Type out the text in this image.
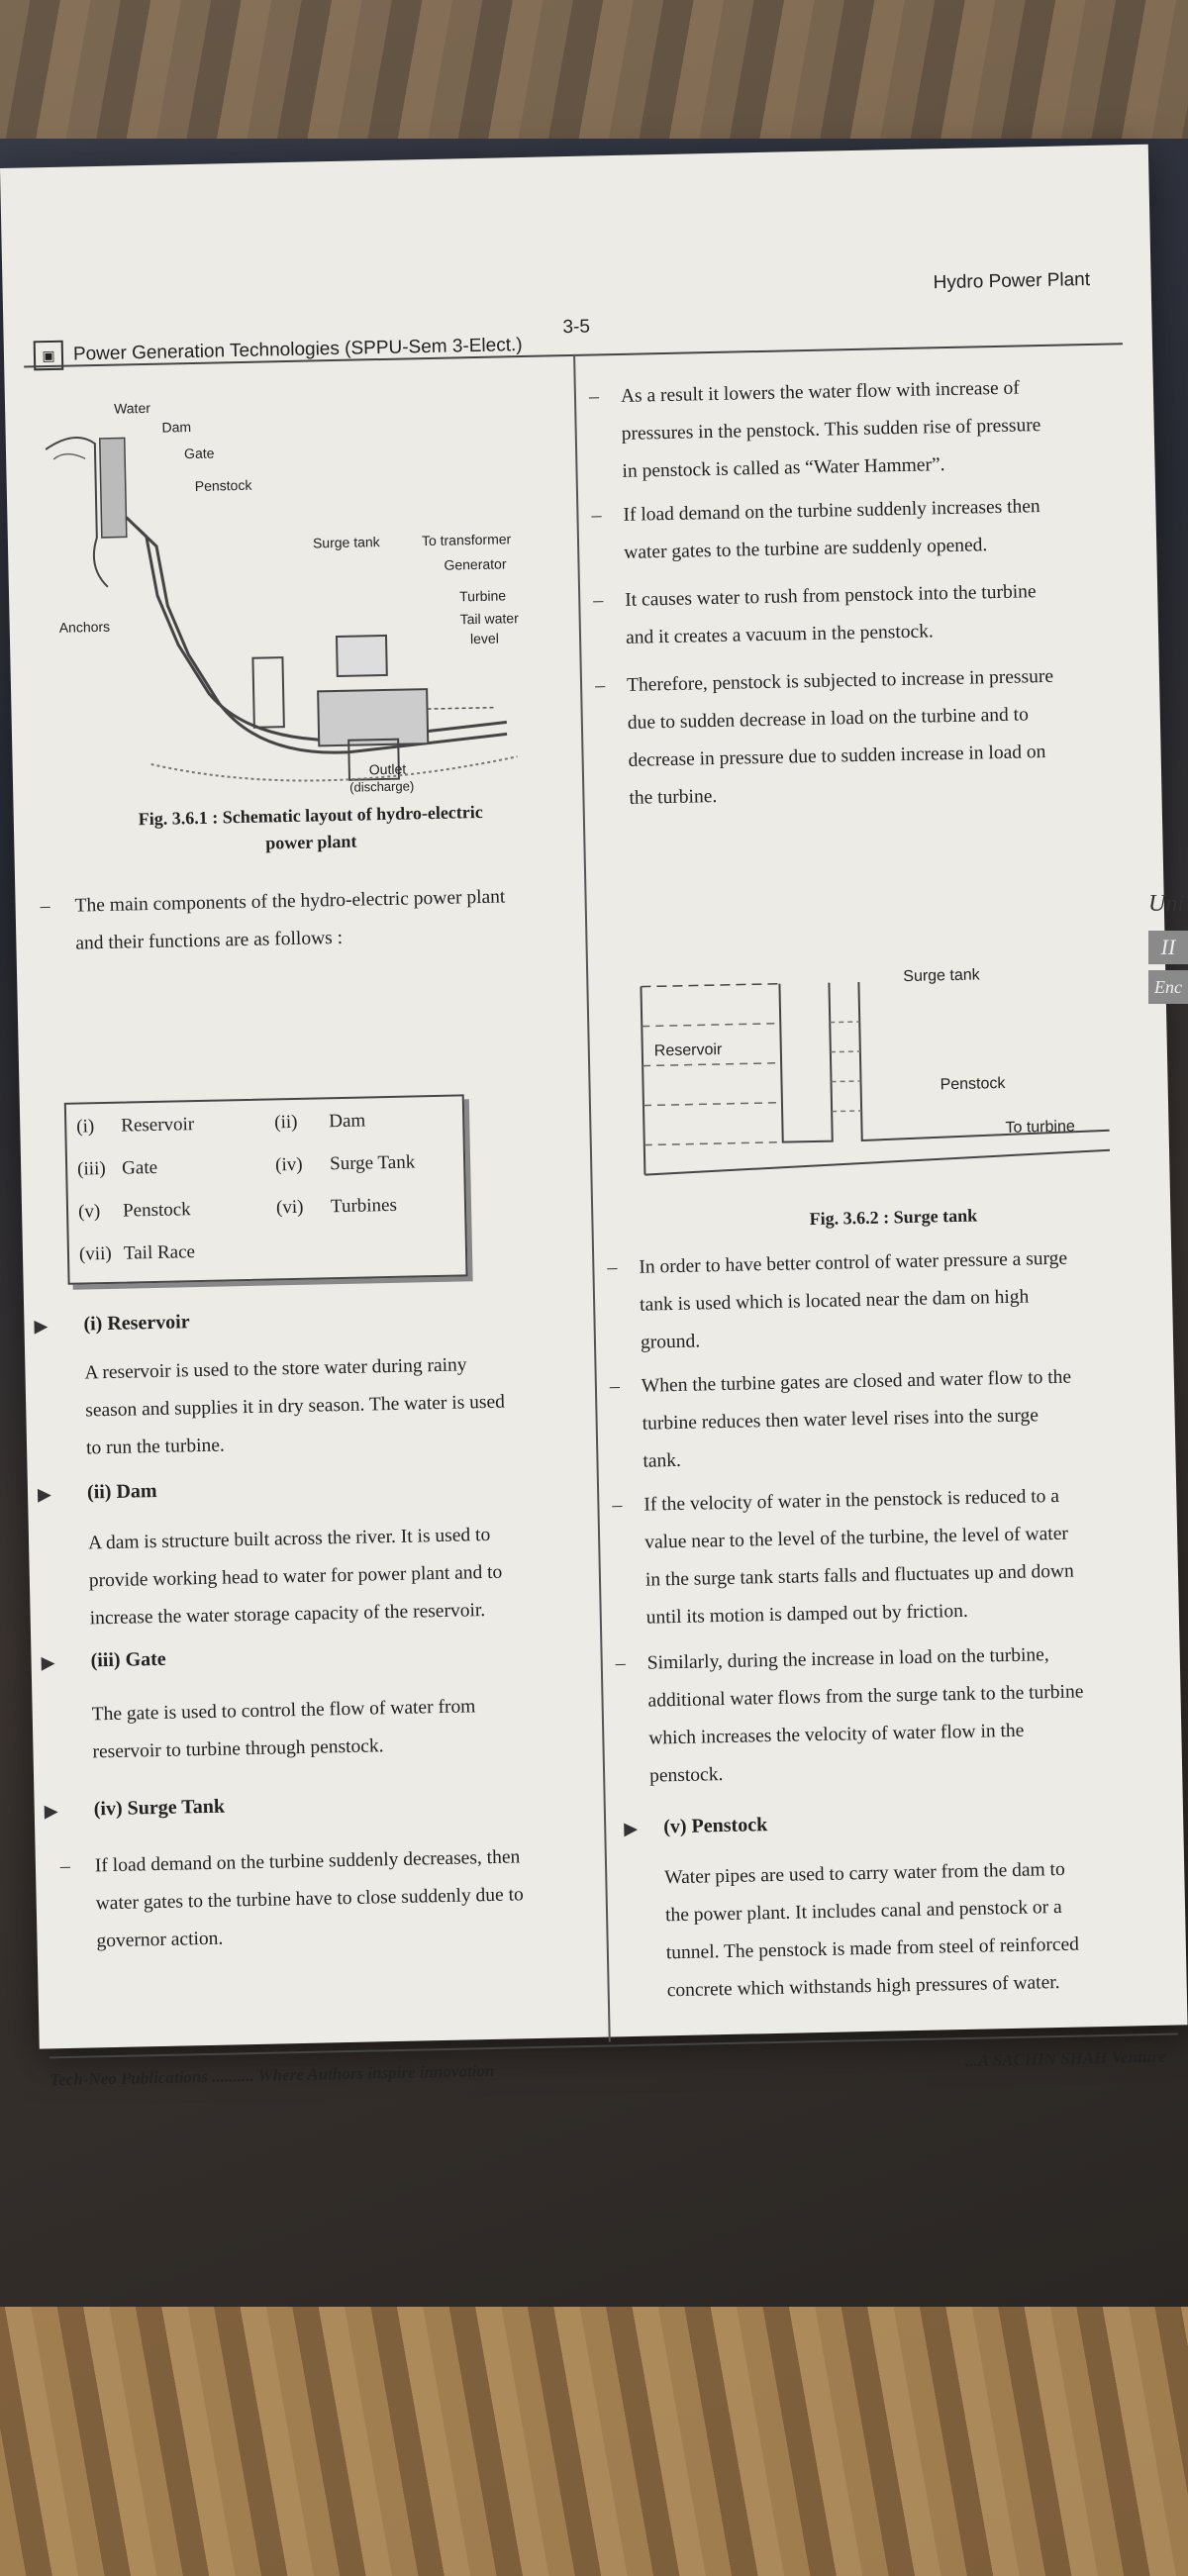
▣ Power Generation Technologies (SPPU-Sem 3-Elect.)
3-5
Hydro Power Plant
Water
Dam
Gate
Penstock
Surge tank	To transformer
Generator
Turbine
Tail water
level
Anchors
Outlet
(discharge)
Fig. 3.6.1 : Schematic layout of hydro-electric
power plant
– The main components of the hydro-electric power plant
and their functions are as follows :
(i) Reservoir	(ii) Dam
(iii) Gate	(iv) Surge Tank
(v) Penstock	(vi) Turbines
(vii) Tail Race
▶ (i) Reservoir
A reservoir is used to the store water during rainy
season and supplies it in dry season. The water is used
to run the turbine.
▶ (ii) Dam
A dam is structure built across the river. It is used to
provide working head to water for power plant and to
increase the water storage capacity of the reservoir.
▶ (iii) Gate
The gate is used to control the flow of water from
reservoir to turbine through penstock.
▶ (iv) Surge Tank
– If load demand on the turbine suddenly decreases, then
water gates to the turbine have to close suddenly due to
governor action.
– As a result it lowers the water flow with increase of
pressures in the penstock. This sudden rise of pressure
in penstock is called as “Water Hammer”.
– If load demand on the turbine suddenly increases then
water gates to the turbine are suddenly opened.
– It causes water to rush from penstock into the turbine
and it creates a vacuum in the penstock.
– Therefore, penstock is subjected to increase in pressure
due to sudden decrease in load on the turbine and to
decrease in pressure due to sudden increase in load on
the turbine.
Surge tank
Reservoir
Penstock
To turbine
Fig. 3.6.2 : Surge tank
– In order to have better control of water pressure a surge
tank is used which is located near the dam on high
ground.
– When the turbine gates are closed and water flow to the
turbine reduces then water level rises into the surge
tank.
– If the velocity of water in the penstock is reduced to a
value near to the level of the turbine, the level of water
in the surge tank starts falls and fluctuates up and down
until its motion is damped out by friction.
– Similarly, during the increase in load on the turbine,
additional water flows from the surge tank to the turbine
which increases the velocity of water flow in the
penstock.
▶ (v) Penstock
Water pipes are used to carry water from the dam to
the power plant. It includes canal and penstock or a
tunnel. The penstock is made from steel of reinforced
concrete which withstands high pressures of water.
Tech-Neo Publications .......... Where Authors inspire innovation
...A SACHIN SHAH Venture
Uni
II
Enc
